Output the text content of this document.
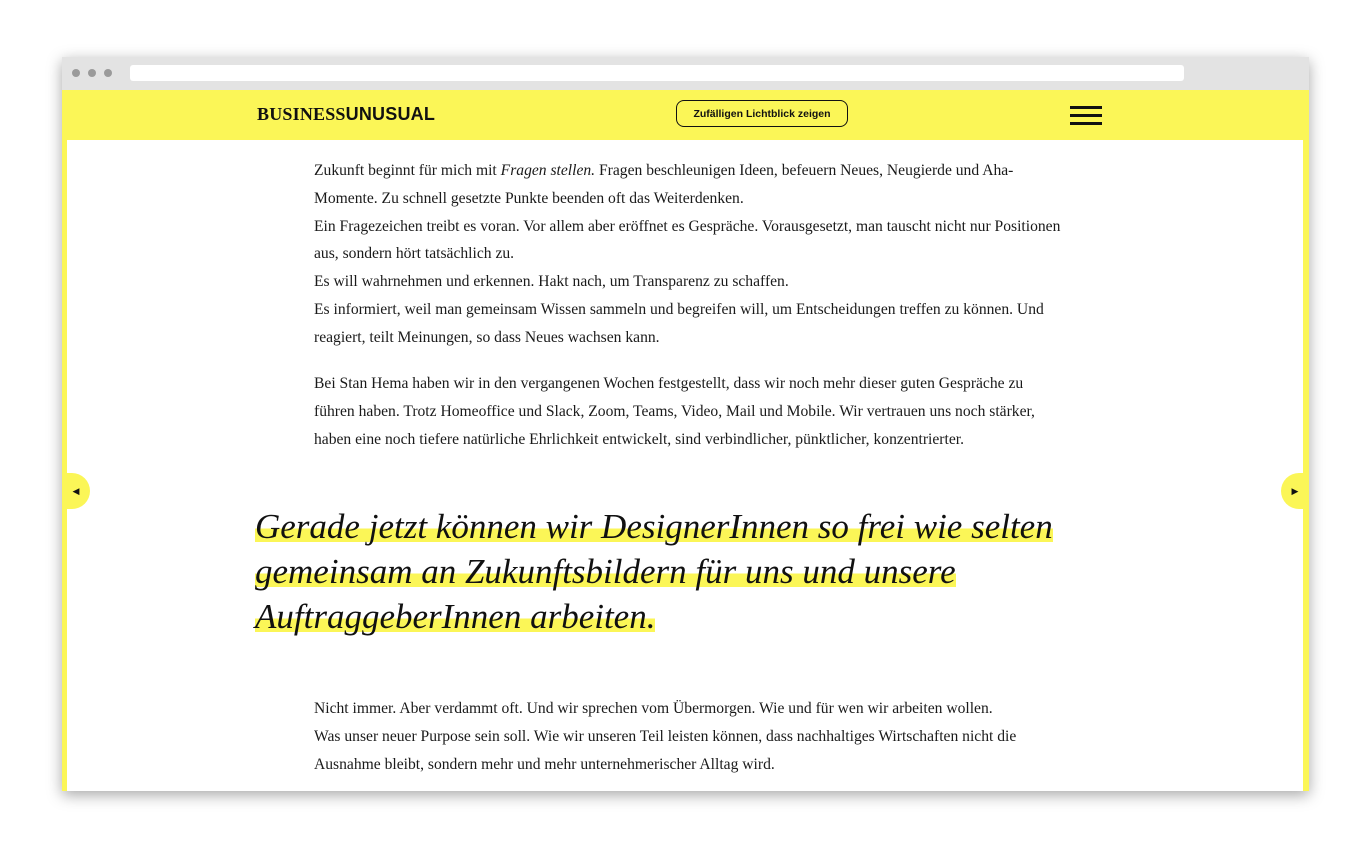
BUSINESSUNUSUAL	Zufälligen Lichtblick zeigen

Zukunft beginnt für mich mit Fragen stellen. Fragen beschleunigen Ideen, befeuern Neues, Neugierde und Aha-Momente. Zu schnell gesetzte Punkte beenden oft das Weiterdenken.

Ein Fragezeichen treibt es voran. Vor allem aber eröffnet es Gespräche. Vorausgesetzt, man tauscht nicht nur Positionen aus, sondern hört tatsächlich zu.

Es will wahrnehmen und erkennen. Hakt nach, um Transparenz zu schaffen.

Es informiert, weil man gemeinsam Wissen sammeln und begreifen will, um Entscheidungen treffen zu können. Und reagiert, teilt Meinungen, so dass Neues wachsen kann.

Bei Stan Hema haben wir in den vergangenen Wochen festgestellt, dass wir noch mehr dieser guten Gespräche zu führen haben. Trotz Homeoffice und Slack, Zoom, Teams, Video, Mail und Mobile. Wir vertrauen uns noch stärker, haben eine noch tiefere natürliche Ehrlichkeit entwickelt, sind verbindlicher, pünktlicher, konzentrierter.

Gerade jetzt können wir DesignerInnen so frei wie selten gemeinsam an Zukunftsbildern für uns und unsere AuftraggeberInnen arbeiten.

Nicht immer. Aber verdammt oft. Und wir sprechen vom Übermorgen. Wie und für wen wir arbeiten wollen.

Was unser neuer Purpose sein soll. Wie wir unseren Teil leisten können, dass nachhaltiges Wirtschaften nicht die Ausnahme bleibt, sondern mehr und mehr unternehmerischer Alltag wird.

◀	▶
